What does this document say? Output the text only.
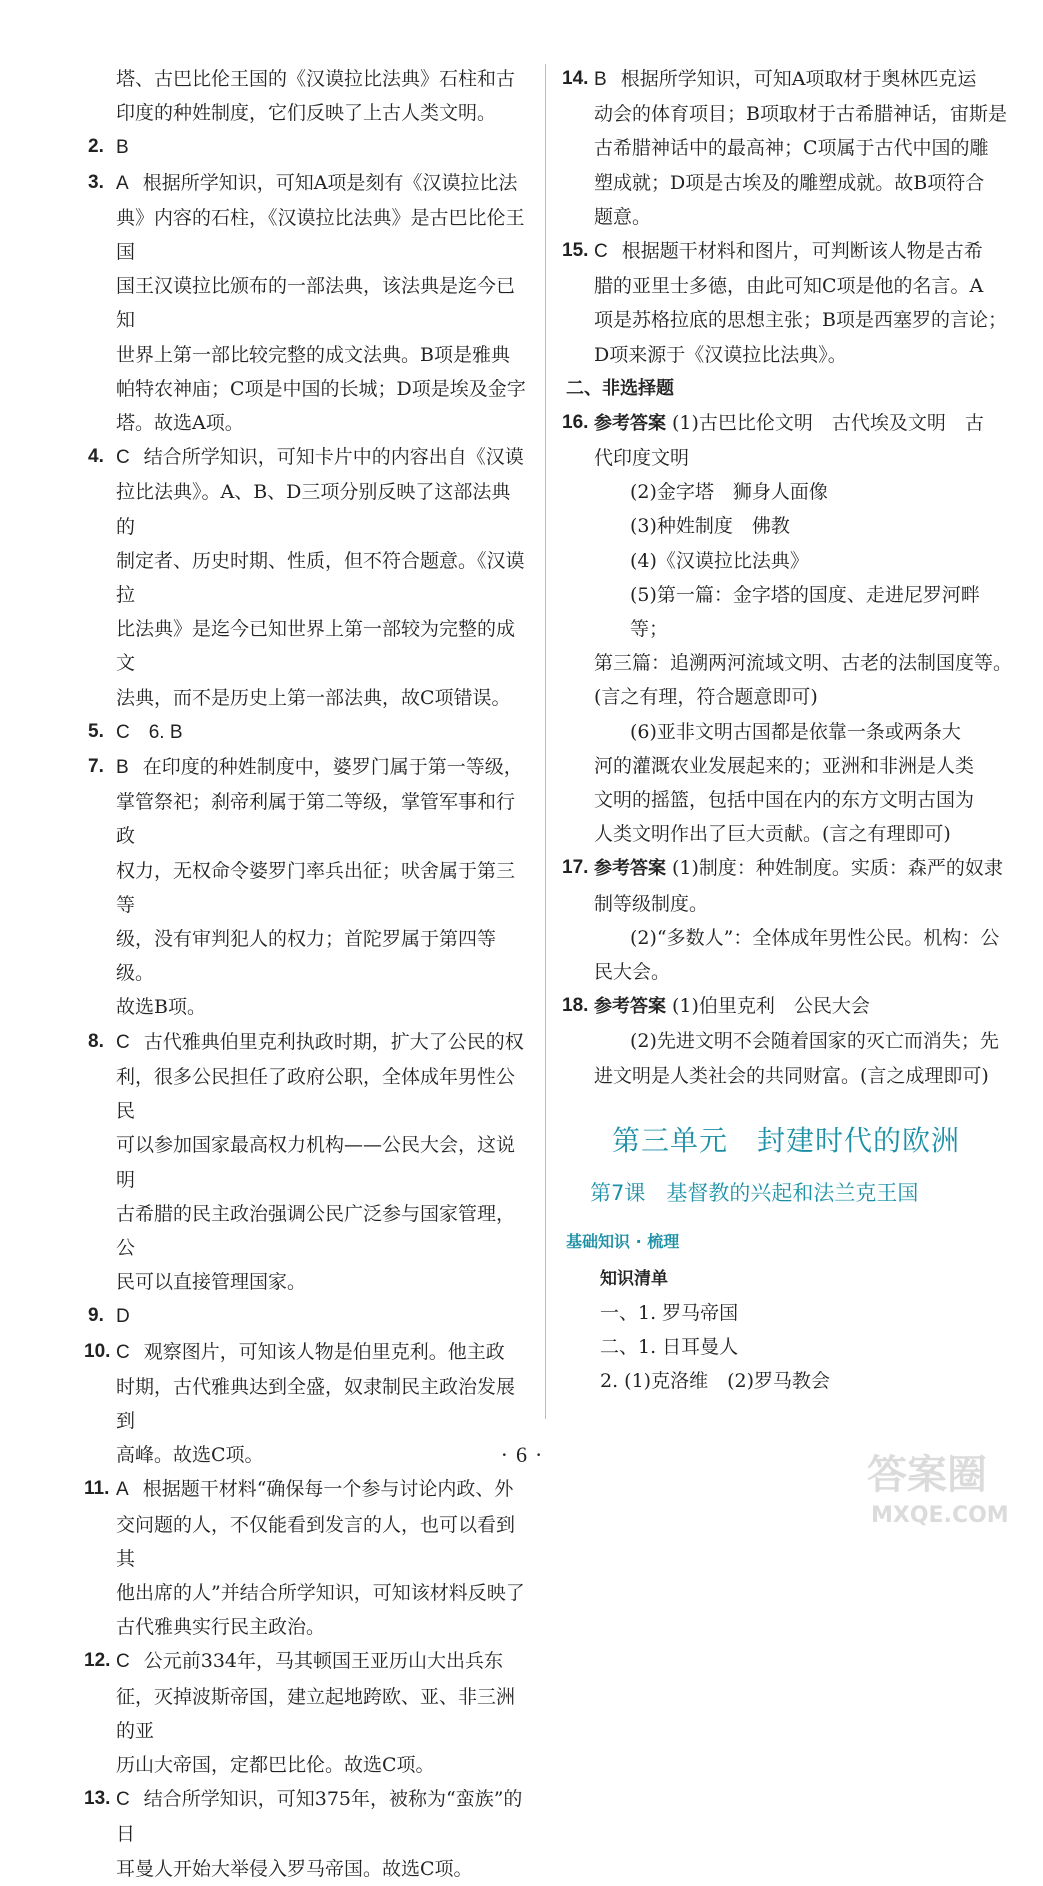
塔、古巴比伦王国的《汉谟拉比法典》石柱和古
印度的种姓制度，它们反映了上古人类文明。
2. B
3. A 根据所学知识，可知A项是刻有《汉谟拉比法
典》内容的石柱，《汉谟拉比法典》是古巴比伦王国
国王汉谟拉比颁布的一部法典，该法典是迄今已知
世界上第一部比较完整的成文法典。B项是雅典
帕特农神庙；C项是中国的长城；D项是埃及金字
塔。故选A项。
4. C 结合所学知识，可知卡片中的内容出自《汉谟
拉比法典》。A、B、D三项分别反映了这部法典的
制定者、历史时期、性质，但不符合题意。《汉谟拉
比法典》是迄今已知世界上第一部较为完整的成文
法典，而不是历史上第一部法典，故C项错误。
5. C　6. B
7. B 在印度的种姓制度中，婆罗门属于第一等级，
掌管祭祀；刹帝利属于第二等级，掌管军事和行政
权力，无权命令婆罗门率兵出征；吠舍属于第三等
级，没有审判犯人的权力；首陀罗属于第四等级。
故选B项。
8. C 古代雅典伯里克利执政时期，扩大了公民的权
利，很多公民担任了政府公职，全体成年男性公民
可以参加国家最高权力机构——公民大会，这说明
古希腊的民主政治强调公民广泛参与国家管理，公
民可以直接管理国家。
9. D
10. C 观察图片，可知该人物是伯里克利。他主政
时期，古代雅典达到全盛，奴隶制民主政治发展到
高峰。故选C项。
11. A 根据题干材料“确保每一个参与讨论内政、外
交问题的人，不仅能看到发言的人，也可以看到其
他出席的人”并结合所学知识，可知该材料反映了
古代雅典实行民主政治。
12. C 公元前334年，马其顿国王亚历山大出兵东
征，灭掉波斯帝国，建立起地跨欧、亚、非三洲的亚
历山大帝国，定都巴比伦。故选C项。
13. C 结合所学知识，可知375年，被称为“蛮族”的日
耳曼人开始大举侵入罗马帝国。故选C项。
14. B 根据所学知识，可知A项取材于奥林匹克运
动会的体育项目；B项取材于古希腊神话，宙斯是
古希腊神话中的最高神；C项属于古代中国的雕
塑成就；D项是古埃及的雕塑成就。故B项符合
题意。
15. C 根据题干材料和图片，可判断该人物是古希
腊的亚里士多德，由此可知C项是他的名言。A
项是苏格拉底的思想主张；B项是西塞罗的言论；
D项来源于《汉谟拉比法典》。
二、非选择题
16. 参考答案 (1)古巴比伦文明　古代埃及文明　古
代印度文明
(2)金字塔　狮身人面像
(3)种姓制度　佛教
(4)《汉谟拉比法典》
(5)第一篇：金字塔的国度、走进尼罗河畔等；
第三篇：追溯两河流域文明、古老的法制国度等。
(言之有理，符合题意即可)
(6)亚非文明古国都是依靠一条或两条大
河的灌溉农业发展起来的；亚洲和非洲是人类
文明的摇篮，包括中国在内的东方文明古国为
人类文明作出了巨大贡献。(言之有理即可)
17. 参考答案 (1)制度：种姓制度。实质：森严的奴隶
制等级制度。
(2)“多数人”：全体成年男性公民。机构：公
民大会。
18. 参考答案 (1)伯里克利　公民大会
(2)先进文明不会随着国家的灭亡而消失；先
进文明是人类社会的共同财富。(言之成理即可)
第三单元　封建时代的欧洲
第7课　基督教的兴起和法兰克王国
基础知识 · 梳理
知识清单
一、1. 罗马帝国
二、1. 日耳曼人
2. (1)克洛维　(2)罗马教会
· 6 ·	答案圈
MXQE.COM
